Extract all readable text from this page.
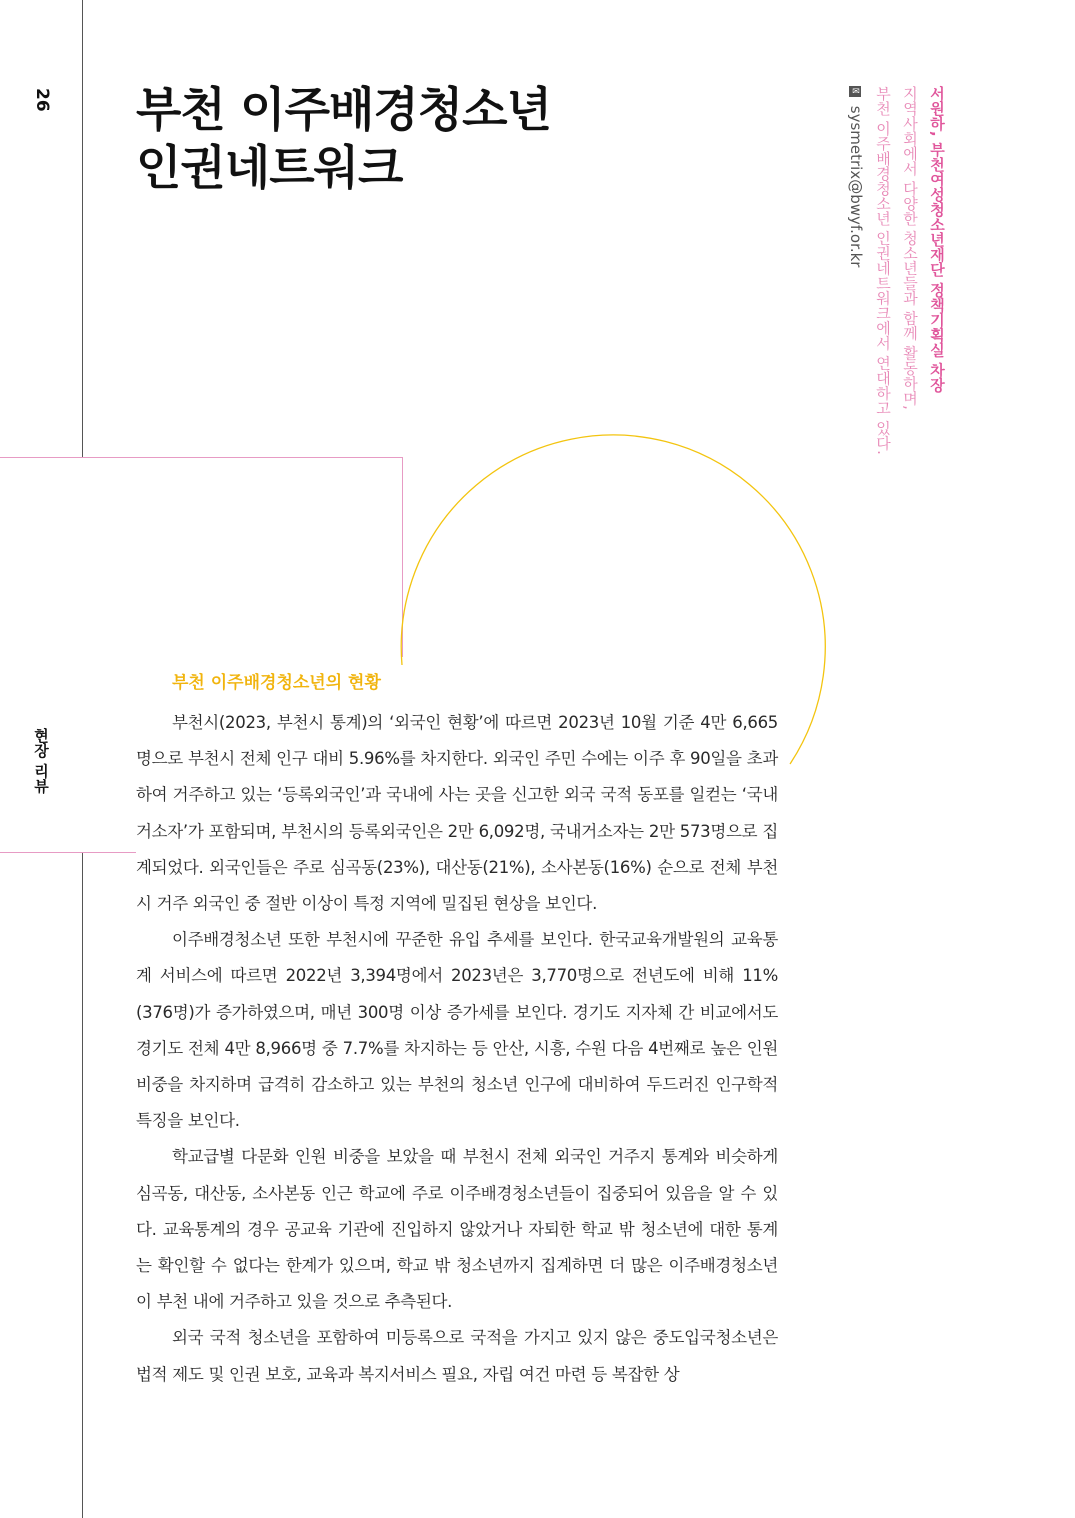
26
현장 리뷰
부천 이주배경청소년
인권네트워크	서원하, 부천여성청소년재단 정책기획실 차장
지역사회에서 다양한 청소년들과 함께 활동하며,
부천 이주배경청소년 인권네트워크에서 연대하고 있다.
✉ sysmetrix@bwyf.or.kr
부천 이주배경청소년의 현황

부천시(2023, 부천시 통계)의 ‘외국인 현황’에 따르면 2023년 10월 기준 4만 6,665명으로 부천시 전체 인구 대비 5.96%를 차지한다. 외국인 주민 수에는 이주 후 90일을 초과하여 거주하고 있는 ‘등록외국인’과 국내에 사는 곳을 신고한 외국 국적 동포를 일컫는 ‘국내거소자’가 포함되며, 부천시의 등록외국인은 2만 6,092명, 국내거소자는 2만 573명으로 집계되었다. 외국인들은 주로 심곡동(23%), 대산동(21%), 소사본동(16%) 순으로 전체 부천시 거주 외국인 중 절반 이상이 특정 지역에 밀집된 현상을 보인다.

이주배경청소년 또한 부천시에 꾸준한 유입 추세를 보인다. 한국교육개발원의 교육통계 서비스에 따르면 2022년 3,394명에서 2023년은 3,770명으로 전년도에 비해 11%(376명)가 증가하였으며, 매년 300명 이상 증가세를 보인다. 경기도 지자체 간 비교에서도 경기도 전체 4만 8,966명 중 7.7%를 차지하는 등 안산, 시흥, 수원 다음 4번째로 높은 인원 비중을 차지하며 급격히 감소하고 있는 부천의 청소년 인구에 대비하여 두드러진 인구학적 특징을 보인다.

학교급별 다문화 인원 비중을 보았을 때 부천시 전체 외국인 거주지 통계와 비슷하게 심곡동, 대산동, 소사본동 인근 학교에 주로 이주배경청소년들이 집중되어 있음을 알 수 있다. 교육통계의 경우 공교육 기관에 진입하지 않았거나 자퇴한 학교 밖 청소년에 대한 통계는 확인할 수 없다는 한계가 있으며, 학교 밖 청소년까지 집계하면 더 많은 이주배경청소년이 부천 내에 거주하고 있을 것으로 추측된다.

외국 국적 청소년을 포함하여 미등록으로 국적을 가지고 있지 않은 중도입국청소년은 법적 제도 및 인권 보호, 교육과 복지서비스 필요, 자립 여건 마련 등 복잡한 상
